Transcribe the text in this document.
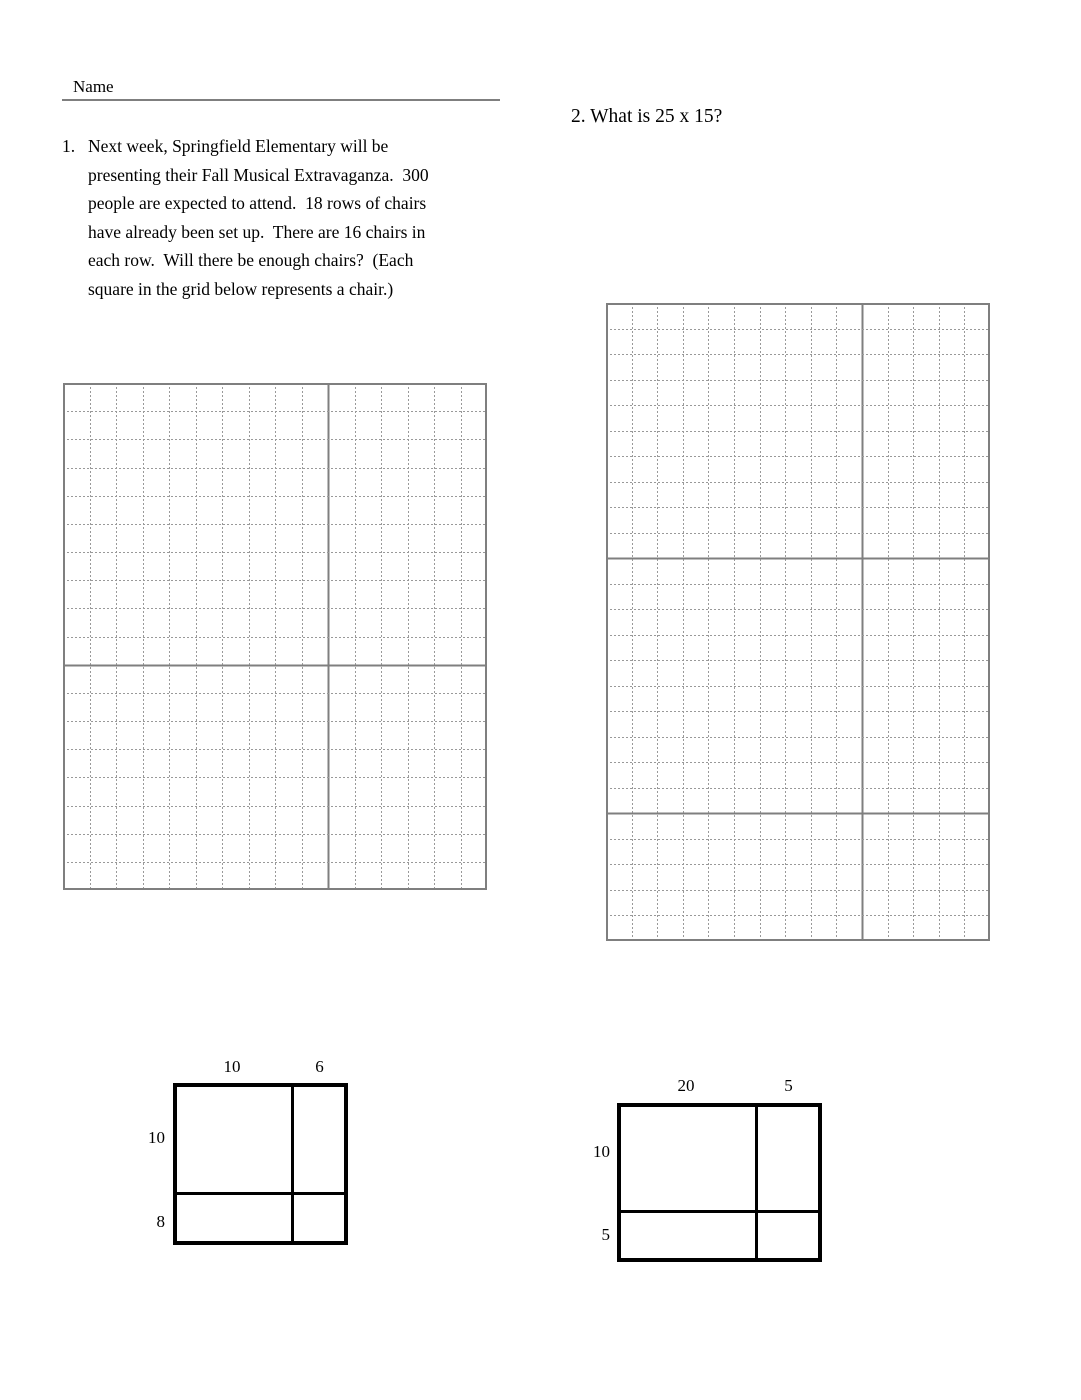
Name
1. Next week, Springfield Elementary will be
presenting their Fall Musical Extravaganza.  300
people are expected to attend.  18 rows of chairs
have already been set up.  There are 16 chairs in
each row.  Will there be enough chairs?  (Each
square in the grid below represents a chair.)
2. What is 25 x 15?
10	6
10
8
20	5
10
5
